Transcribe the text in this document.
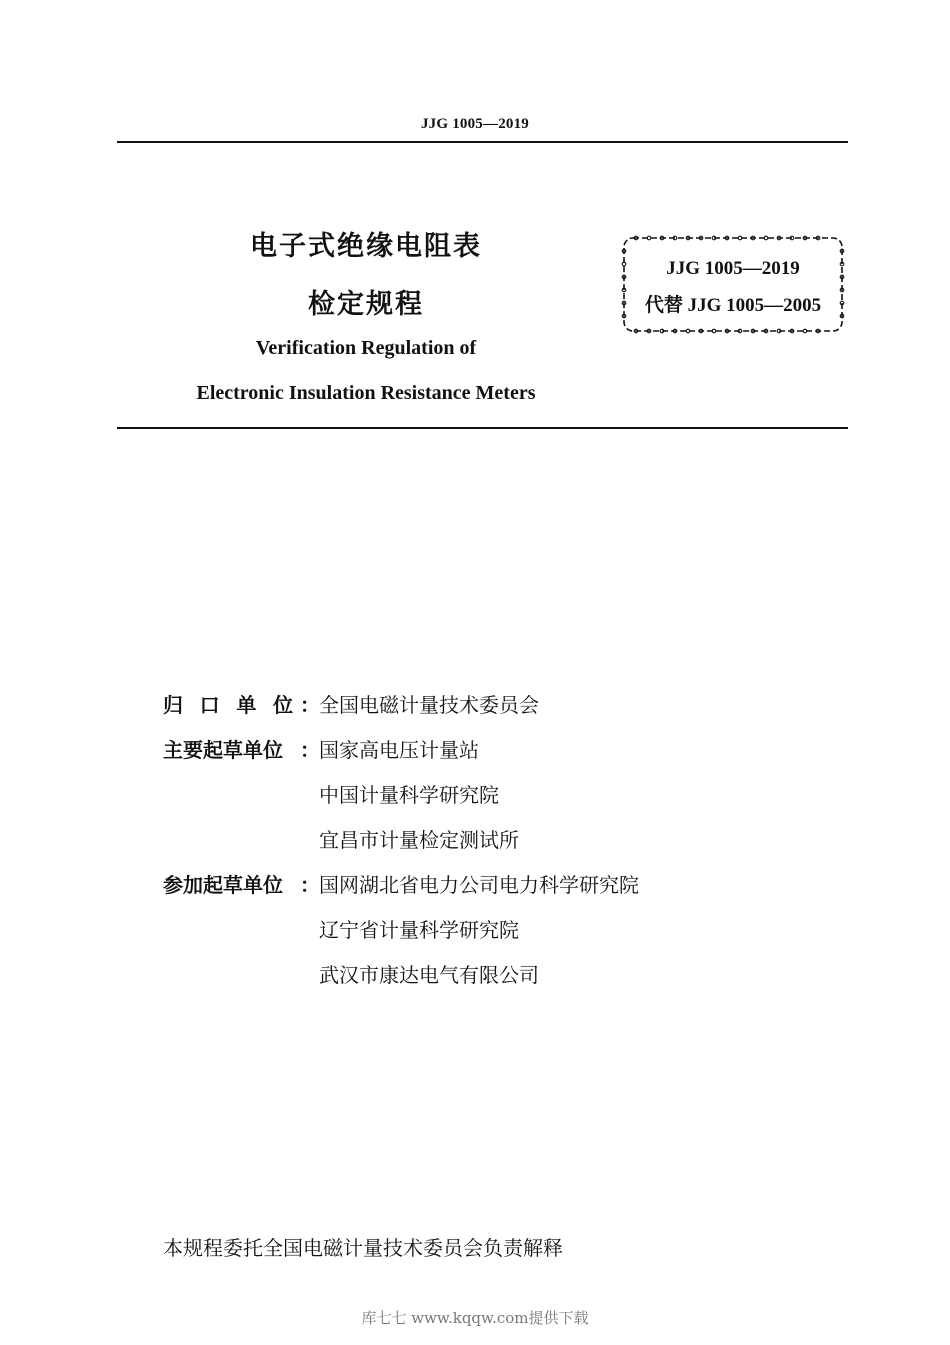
JJG 1005—2019
电子式绝缘电阻表
检定规程
Verification Regulation of
Electronic Insulation Resistance Meters
JJG 1005—2019
代替 JJG 1005—2005
归 口 单 位 ： 全国电磁计量技术委员会
主要起草单位 ： 国家高电压计量站
中国计量科学研究院
宜昌市计量检定测试所
参加起草单位 ： 国网湖北省电力公司电力科学研究院
辽宁省计量科学研究院
武汉市康达电气有限公司
本规程委托全国电磁计量技术委员会负责解释
库七七 www.kqqw.com提供下载
